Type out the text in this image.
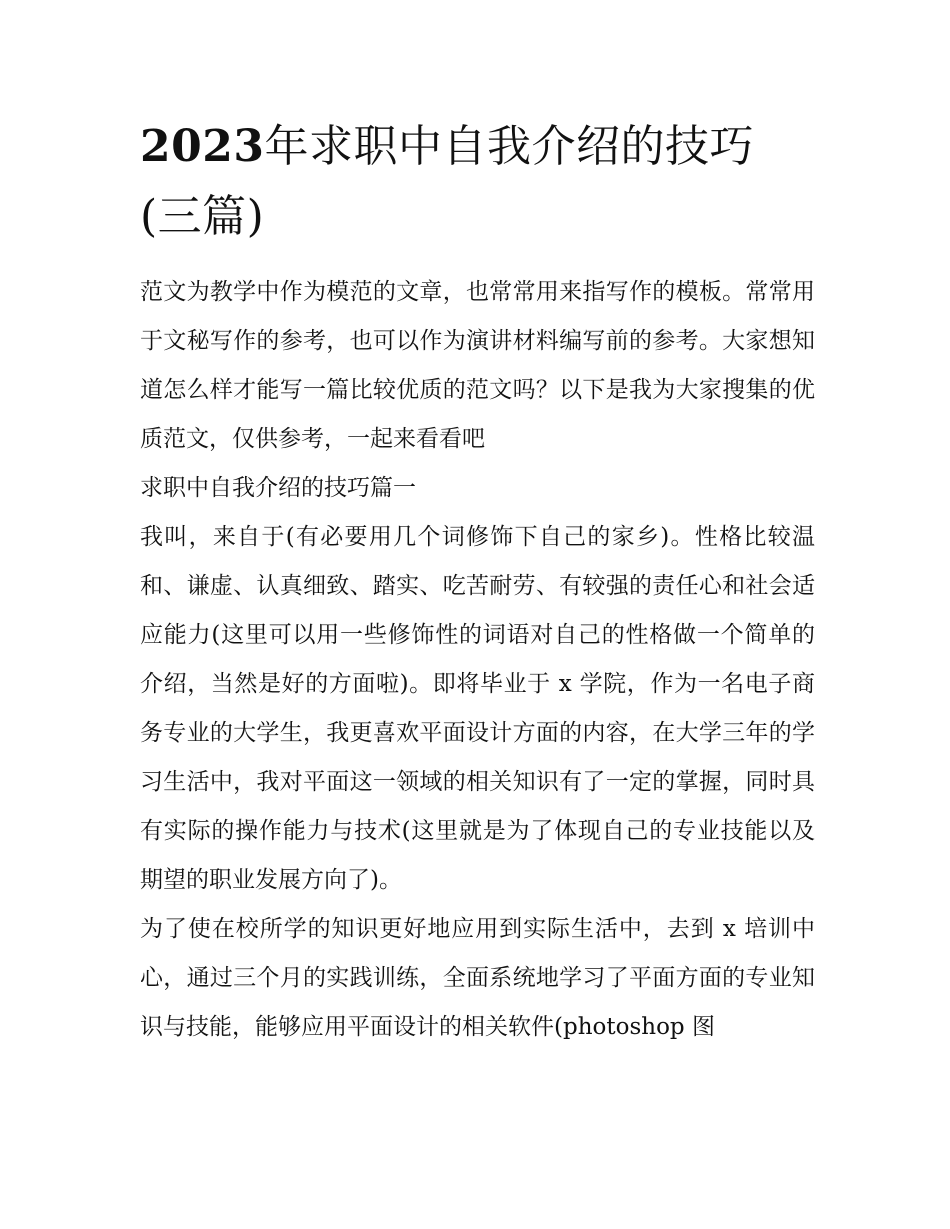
2023年求职中自我介绍的技巧(三篇)

范文为教学中作为模范的文章，也常常用来指写作的模板。常常用于文秘写作的参考，也可以作为演讲材料编写前的参考。大家想知道怎么样才能写一篇比较优质的范文吗？以下是我为大家搜集的优质范文，仅供参考，一起来看看吧

求职中自我介绍的技巧篇一

我叫，来自于(有必要用几个词修饰下自己的家乡)。性格比较温和、谦虚、认真细致、踏实、吃苦耐劳、有较强的责任心和社会适应能力(这里可以用一些修饰性的词语对自己的性格做一个简单的介绍，当然是好的方面啦)。即将毕业于 x 学院，作为一名电子商务专业的大学生，我更喜欢平面设计方面的内容，在大学三年的学习生活中，我对平面这一领域的相关知识有了一定的掌握，同时具有实际的操作能力与技术(这里就是为了体现自己的专业技能以及期望的职业发展方向了)。

为了使在校所学的知识更好地应用到实际生活中，去到 x 培训中心，通过三个月的实践训练，全面系统地学习了平面方面的专业知识与技能，能够应用平面设计的相关软件(photoshop 图
